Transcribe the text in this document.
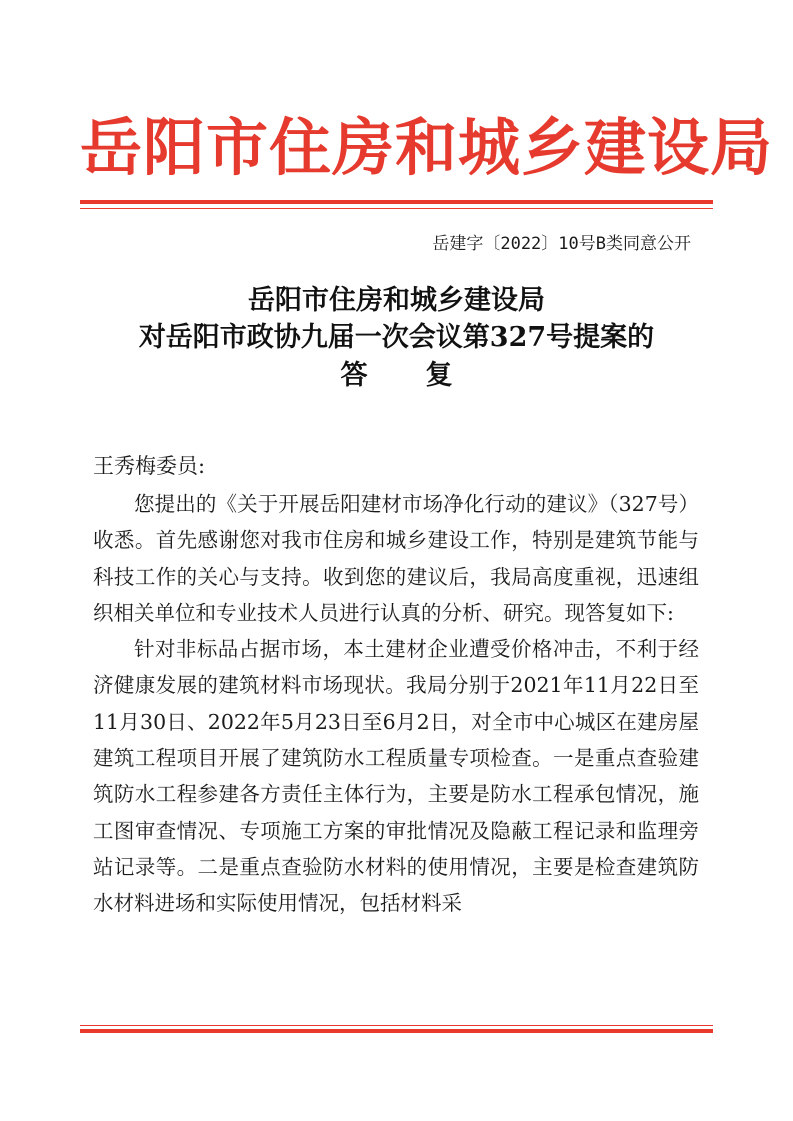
岳阳市住房和城乡建设局
岳建字〔2022〕10号B类同意公开
岳阳市住房和城乡建设局
对岳阳市政协九届一次会议第327号提案的
答复
王秀梅委员:

您提出的《关于开展岳阳建材市场净化行动的建议》（327号）收悉。首先感谢您对我市住房和城乡建设工作，特别是建筑节能与科技工作的关心与支持。收到您的建议后，我局高度重视，迅速组织相关单位和专业技术人员进行认真的分析、研究。现答复如下:

针对非标品占据市场，本土建材企业遭受价格冲击，不利于经济健康发展的建筑材料市场现状。我局分别于2021年11月22日至11月30日、2022年5月23日至6月2日，对全市中心城区在建房屋建筑工程项目开展了建筑防水工程质量专项检查。一是重点查验建筑防水工程参建各方责任主体行为，主要是防水工程承包情况，施工图审查情况、专项施工方案的审批情况及隐蔽工程记录和监理旁站记录等。二是重点查验防水材料的使用情况，主要是检查建筑防水材料进场和实际使用情况，包括材料采
